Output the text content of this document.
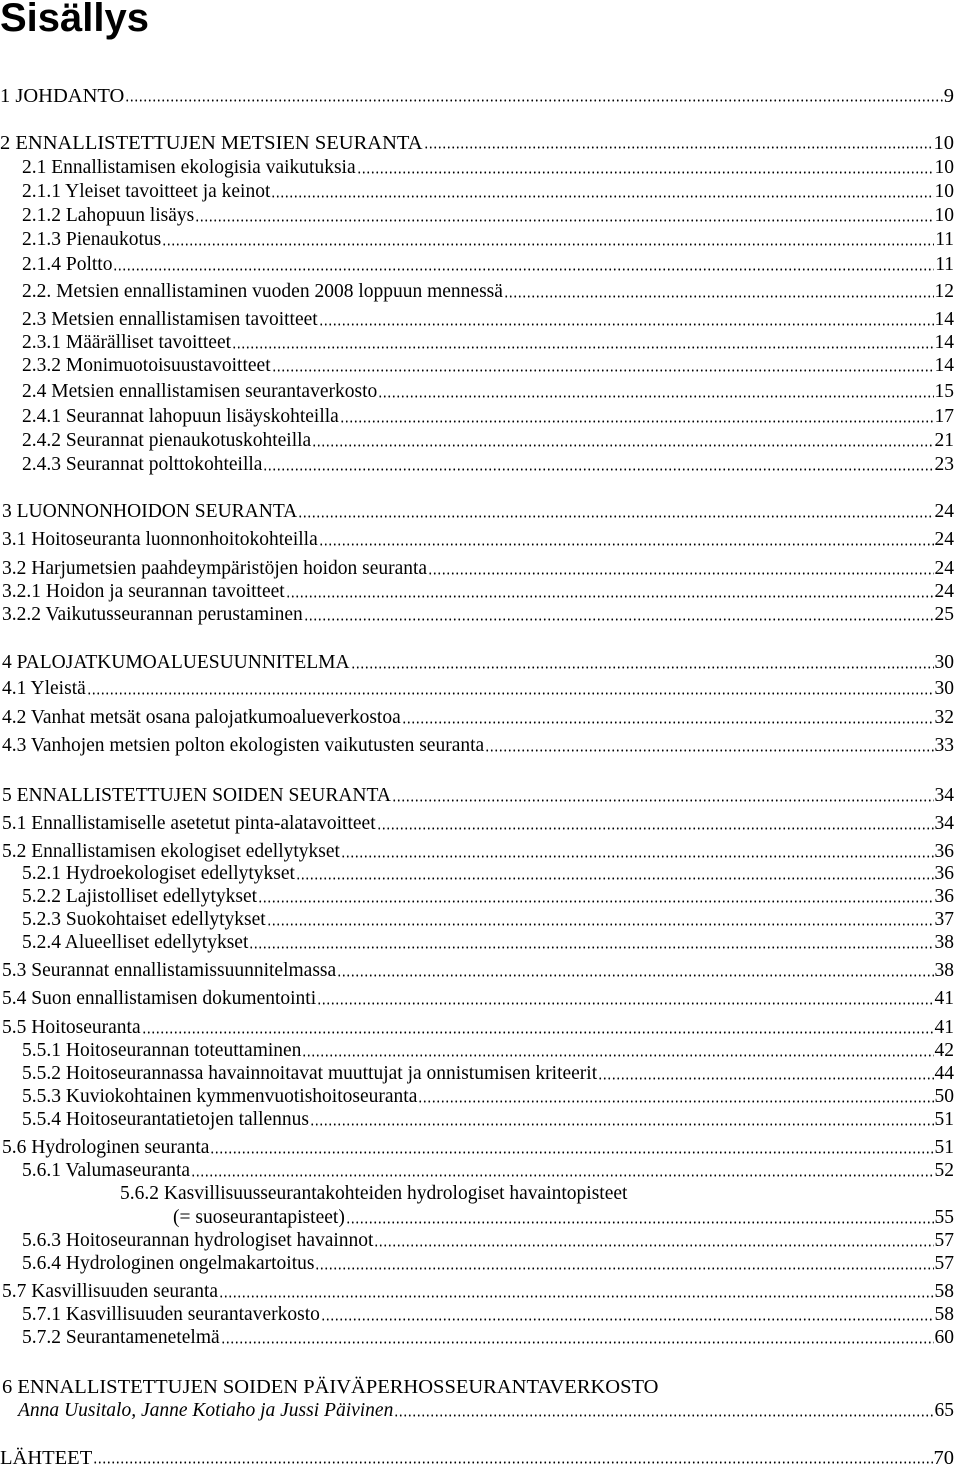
Sisällys
1 JOHDANTO	9
2 ENNALLISTETTUJEN METSIEN SEURANTA	10
2.1 Ennallistamisen ekologisia vaikutuksia	10
2.1.1 Yleiset tavoitteet ja keinot	10
2.1.2 Lahopuun lisäys	10
2.1.3 Pienaukotus	11
2.1.4 Poltto	11
2.2. Metsien ennallistaminen vuoden 2008 loppuun mennessä	12
2.3 Metsien ennallistamisen tavoitteet	14
2.3.1 Määrälliset tavoitteet	14
2.3.2 Monimuotoisuustavoitteet	14
2.4 Metsien ennallistamisen seurantaverkosto	15
2.4.1 Seurannat lahopuun lisäyskohteilla	17
2.4.2 Seurannat pienaukotuskohteilla	21
2.4.3 Seurannat polttokohteilla	23
3 LUONNONHOIDON SEURANTA	24
3.1 Hoitoseuranta luonnonhoitokohteilla	24
3.2 Harjumetsien paahdeympäristöjen hoidon seuranta	24
3.2.1 Hoidon ja seurannan tavoitteet	24
3.2.2 Vaikutusseurannan perustaminen	25
4 PALOJATKUMOALUESUUNNITELMA	30
4.1 Yleistä	30
4.2 Vanhat metsät osana palojatkumoalueverkostoa	32
4.3 Vanhojen metsien polton ekologisten vaikutusten seuranta	33
5 ENNALLISTETTUJEN SOIDEN SEURANTA	34
5.1 Ennallistamiselle asetetut pinta-alatavoitteet	34
5.2 Ennallistamisen ekologiset edellytykset	36
5.2.1 Hydroekologiset edellytykset	36
5.2.2 Lajistolliset edellytykset	36
5.2.3 Suokohtaiset edellytykset	37
5.2.4 Alueelliset edellytykset	38
5.3 Seurannat ennallistamissuunnitelmassa	38
5.4 Suon ennallistamisen dokumentointi	41
5.5 Hoitoseuranta	41
5.5.1 Hoitoseurannan toteuttaminen	42
5.5.2 Hoitoseurannassa havainnoitavat muuttujat ja onnistumisen kriteerit	44
5.5.3 Kuviokohtainen kymmenvuotishoitoseuranta	50
5.5.4 Hoitoseurantatietojen tallennus	51
5.6 Hydrologinen seuranta	51
5.6.1 Valumaseuranta	52
5.6.2 Kasvillisuusseurantakohteiden hydrologiset havaintopisteet
(= suoseurantapisteet)	55
5.6.3 Hoitoseurannan hydrologiset havainnot	57
5.6.4 Hydrologinen ongelmakartoitus	57
5.7 Kasvillisuuden seuranta	58
5.7.1 Kasvillisuuden seurantaverkosto	58
5.7.2 Seurantamenetelmä	60
6 ENNALLISTETTUJEN SOIDEN PÄIVÄPERHOSSEURANTAVERKOSTO
Anna Uusitalo, Janne Kotiaho ja Jussi Päivinen	65
LÄHTEET	70
